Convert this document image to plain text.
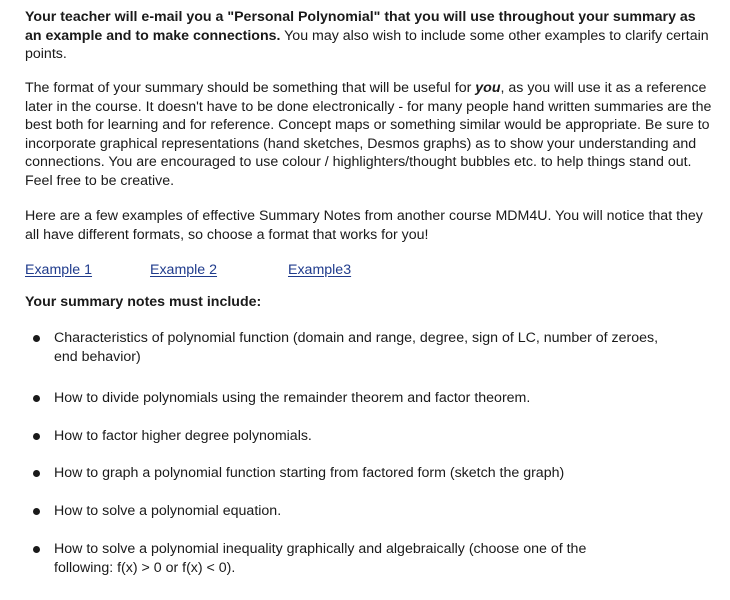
Your teacher will e-mail you a "Personal Polynomial" that you will use throughout your summary as an example and to make connections. You may also wish to include some other examples to clarify certain points.

The format of your summary should be something that will be useful for you, as you will use it as a reference later in the course. It doesn't have to be done electronically - for many people hand written summaries are the best both for learning and for reference. Concept maps or something similar would be appropriate. Be sure to incorporate graphical representations (hand sketches, Desmos graphs) as to show your understanding and connections. You are encouraged to use colour / highlighters/thought bubbles etc. to help things stand out. Feel free to be creative.

Here are a few examples of effective Summary Notes from another course MDM4U. You will notice that they all have different formats, so choose a format that works for you!

Example 1	Example 2	Example3

Your summary notes must include:

Characteristics of polynomial function (domain and range, degree, sign of LC, number of zeroes,
end behavior)
How to divide polynomials using the remainder theorem and factor theorem.
How to factor higher degree polynomials.
How to graph a polynomial function starting from factored form (sketch the graph)
How to solve a polynomial equation.
How to solve a polynomial inequality graphically and algebraically (choose one of the
following: f(x) > 0 or f(x) < 0).
